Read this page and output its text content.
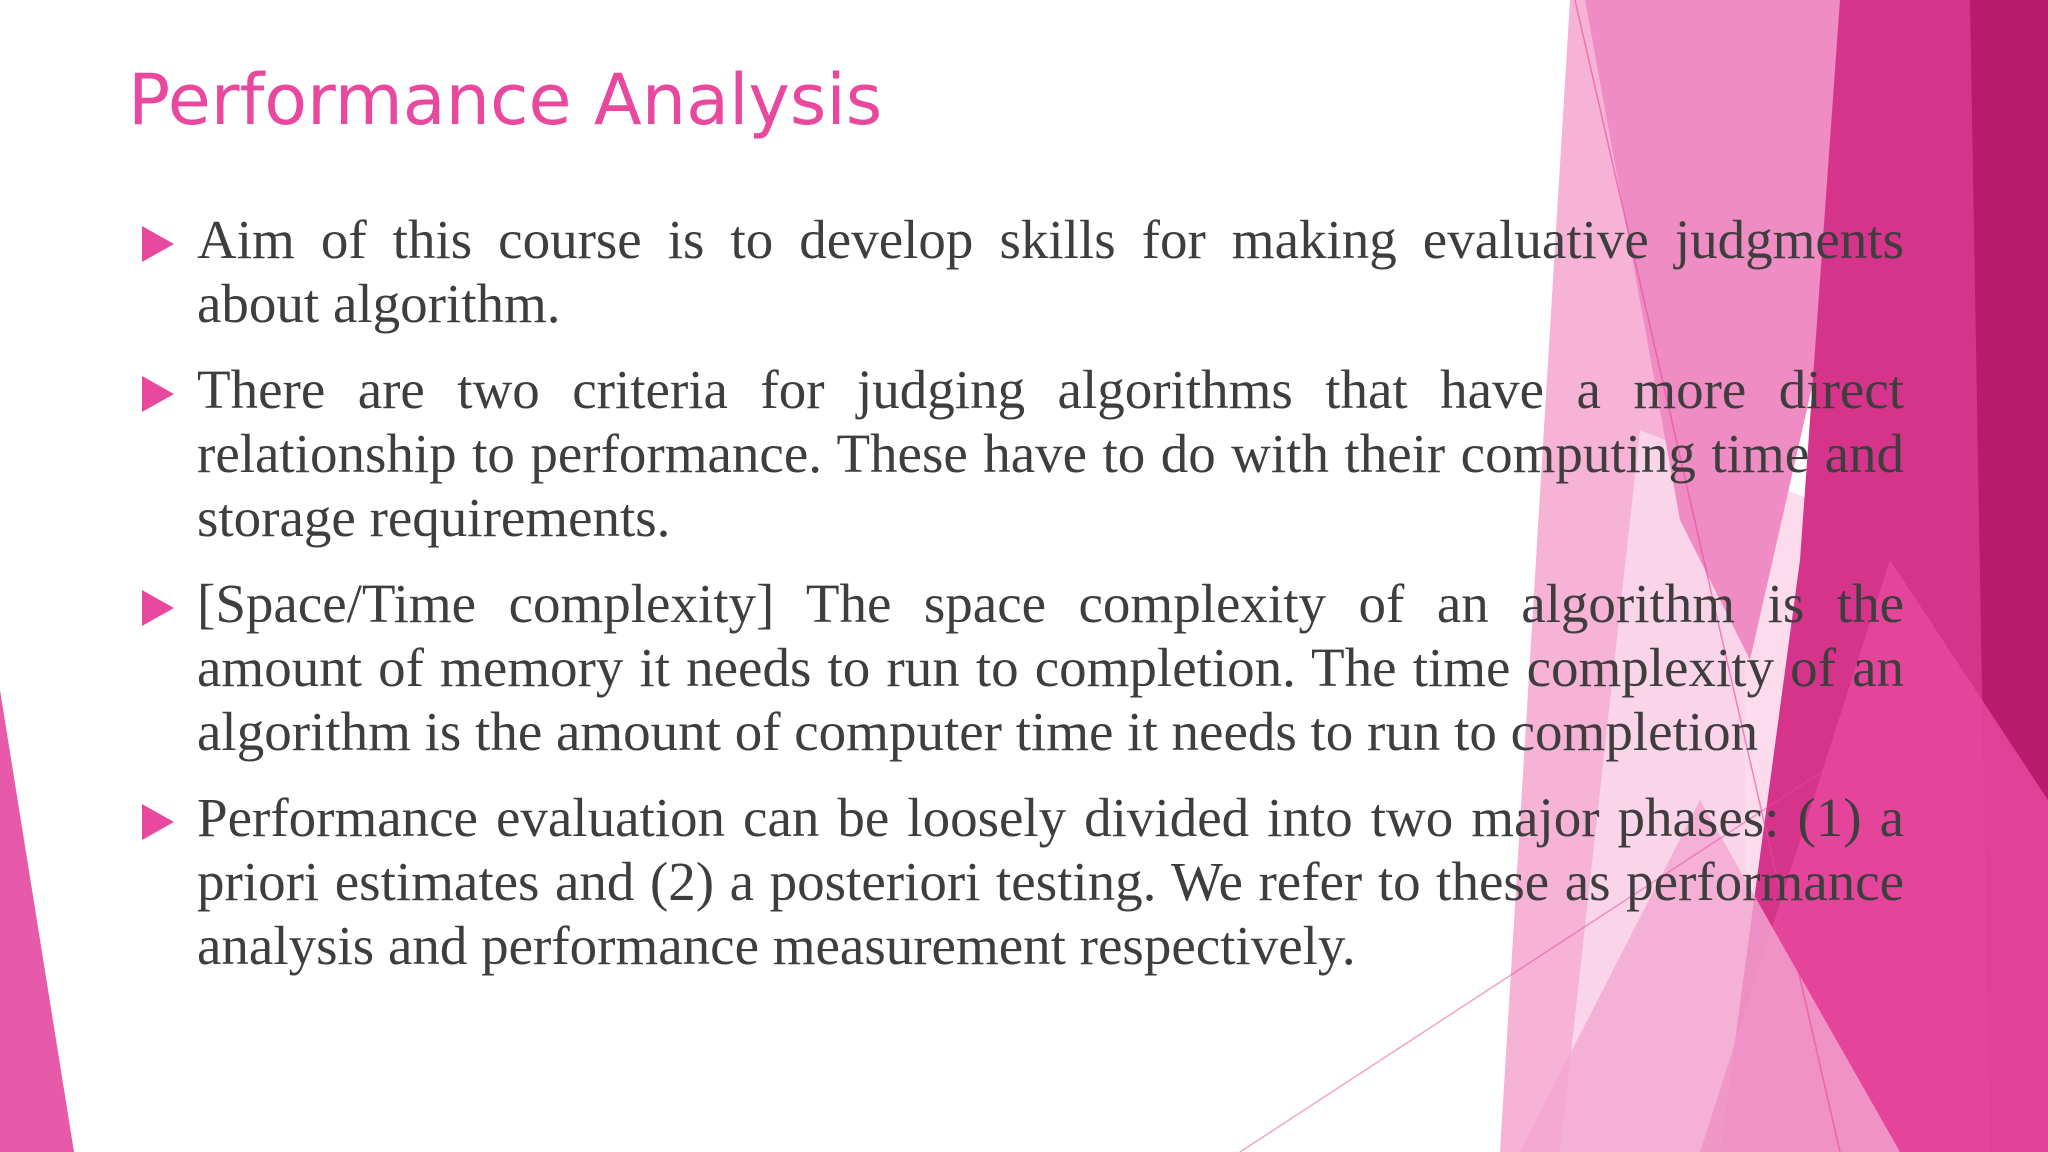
Performance Analysis
Aim of this course is to develop skills for making evaluative judgments about algorithm.
There are two criteria for judging algorithms that have a more direct relationship to performance. These have to do with their computing time and storage requirements.
[Space/Time complexity] The space complexity of an algorithm is the amount of memory it needs to run to completion. The time complexity of an algorithm is the amount of computer time it needs to run to completion
Performance evaluation can be loosely divided into two major phases: (1) a priori estimates and (2) a posteriori testing. We refer to these as performance analysis and performance measurement respectively.
